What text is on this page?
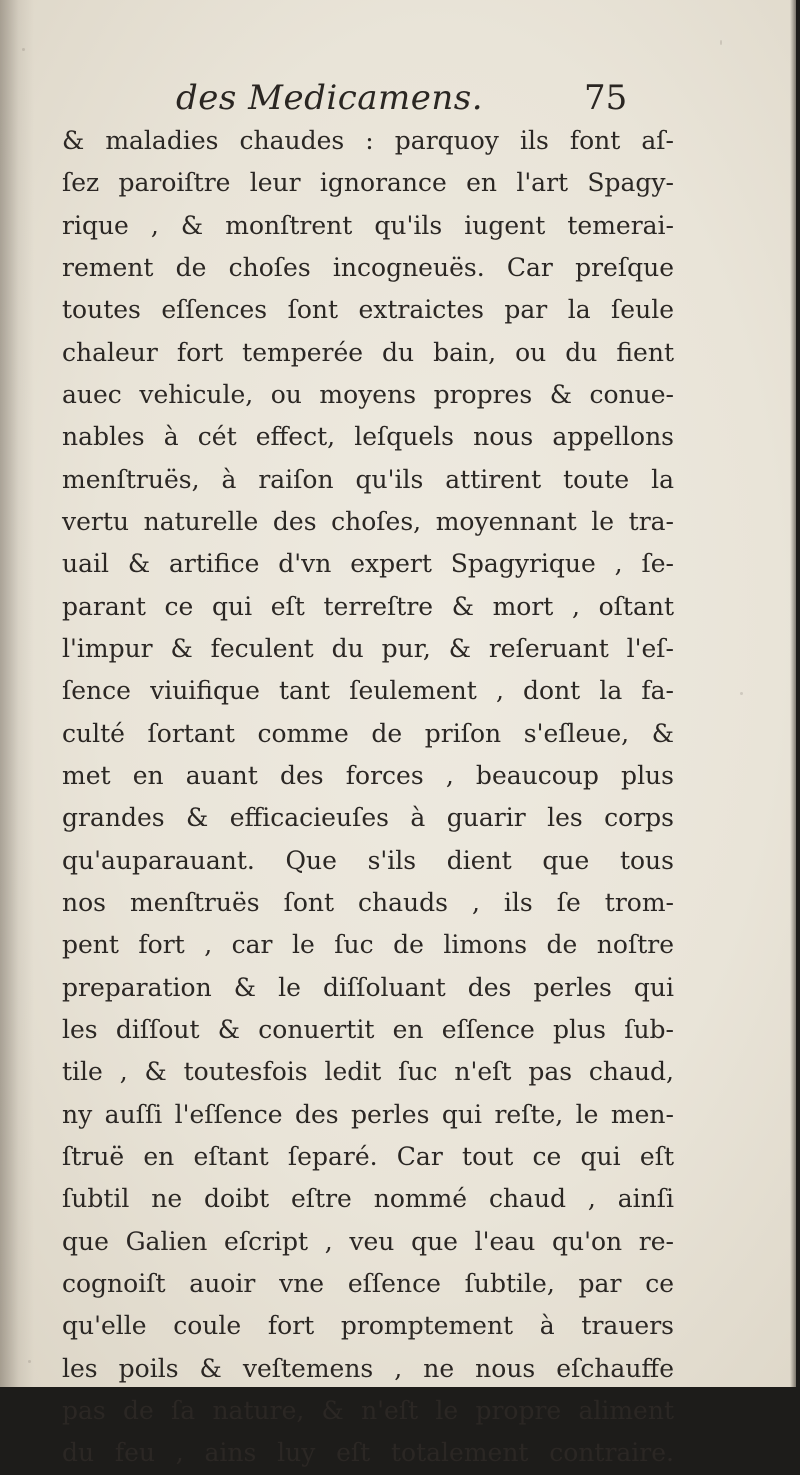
des Medicamens.	75
& maladies chaudes : parquoy ils font aſ-
ſez paroiſtre leur ignorance en l'art Spagy-
rique , & monſtrent qu'ils iugent temerai-
rement de choſes incogneuës. Car preſque
toutes eſſences ſont extraictes par la ſeule
chaleur fort temperée du bain, ou du fient
auec vehicule, ou moyens propres & conue-
nables à cét effect, leſquels nous appellons
menſtruës, à raiſon qu'ils attirent toute la
vertu naturelle des choſes, moyennant le tra-
uail & artifice d'vn expert Spagyrique , ſe-
parant ce qui eſt terreſtre & mort , oſtant
l'impur & feculent du pur, & reſeruant l'eſ-
ſence viuifique tant ſeulement , dont la fa-
culté ſortant comme de priſon s'eſleue, &
met en auant des forces , beaucoup plus
grandes & efficacieuſes à guarir les corps
qu'auparauant. Que s'ils dient que tous
nos menſtruës ſont chauds , ils ſe trom-
pent fort , car le ſuc de limons de noſtre
preparation & le diſſoluant des perles qui
les diſſout & conuertit en eſſence plus ſub-
tile , & toutesfois ledit ſuc n'eſt pas chaud,
ny auſſi l'eſſence des perles qui reſte, le men-
ſtruë en eſtant ſeparé. Car tout ce qui eſt
ſubtil ne doibt eſtre nommé chaud , ainſi
que Galien eſcript , veu que l'eau qu'on re-
cognoiſt auoir vne eſſence ſubtile, par ce
qu'elle coule fort promptement à trauers
les poils & veſtemens , ne nous eſchauffe
pas de ſa nature, & n'eſt le propre aliment
du feu , ains luy eſt totalement contraire.
